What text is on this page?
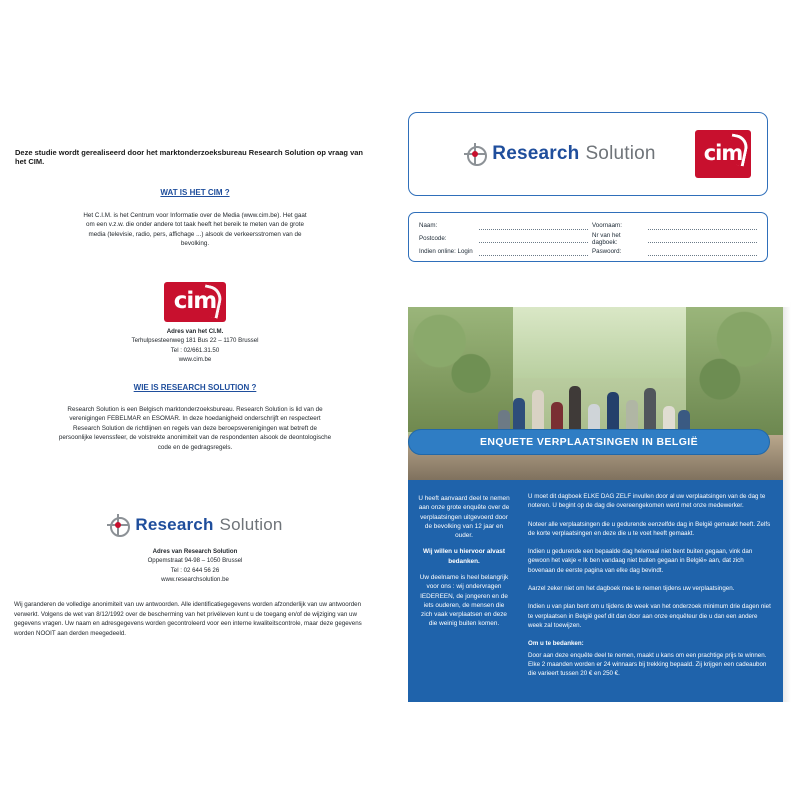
Deze studie wordt gerealiseerd door het marktonderzoeksbureau Research Solution op vraag van het CIM.
WAT IS HET CIM ?
Het C.I.M. is het Centrum voor Informatie over de Media (www.cim.be). Het gaat om een v.z.w. die onder andere tot taak heeft het bereik te meten van de grote media (televisie, radio, pers, affichage ...) alsook de verkeersstromen van de bevolking.
cim
Adres van het CI.M.
Terhulpsesteenweg 181 Bus 22 – 1170 Brussel
Tel : 02/661.31.50
www.cim.be
WIE IS RESEARCH SOLUTION ?
Research Solution is een Belgisch marktonderzoeksbureau. Research Solution is lid van de verenigingen FEBELMAR en ESOMAR. In deze hoedanigheid onderschrijft en respecteert Research Solution de richtlijnen en regels van deze beroepsverenigingen wat betreft de persoonlijke levenssfeer, de volstrekte anonimiteit van de respondenten alsook de deontologische code en de gedragsregels.
Research Solution
Adres van Research Solution
Oppemstraat 94-98 – 1050 Brussel
Tel : 02 644 56 26
www.researchsolution.be
Wij garanderen de volledige anonimiteit van uw antwoorden. Alle identificatiegegevens worden afzonderlijk van uw antwoorden verwerkt. Volgens de wet van 8/12/1992 over de bescherming van het privéleven kunt u de toegang en/of de wijziging van uw gegevens vragen. Uw naam en adresgegevens worden gecontroleerd voor een interne kwaliteitscontrole, maar deze gegevens worden NOOIT aan derden meegedeeld.
Research Solution	cim
Naam:	Voornaam:
Postcode:	Nr van het dagboek:
Indien online: Login	Paswoord:
ENQUETE VERPLAATSINGEN IN BELGIË
U heeft aanvaard deel te nemen aan onze grote enquête over de verplaatsingen uitgevoerd door de bevolking van 12 jaar en ouder.
Wij willen u hiervoor alvast bedanken.
Uw deelname is heel belangrijk voor ons : wij ondervragen IEDEREEN, de jongeren en de iets ouderen, de mensen die zich vaak verplaatsen en deze die weinig buiten komen.

U moet dit dagboek ELKE DAG ZELF invullen door al uw verplaatsingen van de dag te noteren. U begint op de dag die overeengekomen werd met onze medewerker.

Noteer alle verplaatsingen die u gedurende eenzelfde dag in België gemaakt heeft. Zelfs de korte verplaatsingen en deze die u te voet heeft gemaakt.

Indien u gedurende een bepaalde dag helemaal niet bent buiten gegaan, vink dan gewoon het vakje « Ik ben vandaag niet buiten gegaan in België» aan, dat zich bovenaan de eerste pagina van elke dag bevindt.

Aarzel zeker niet om het dagboek mee te nemen tijdens uw verplaatsingen.

Indien u van plan bent om u tijdens de week van het onderzoek minimum drie dagen niet te verplaatsen in België geef dit dan door aan onze enquêteur die u dan een andere week zal toewijzen.

Om u te bedanken:

Door aan deze enquête deel te nemen, maakt u kans om een prachtige prijs te winnen. Elke 2 maanden worden er 24 winnaars bij trekking bepaald. Zij krijgen een cadeaubon die varieert tussen 20 € en 250 €.
